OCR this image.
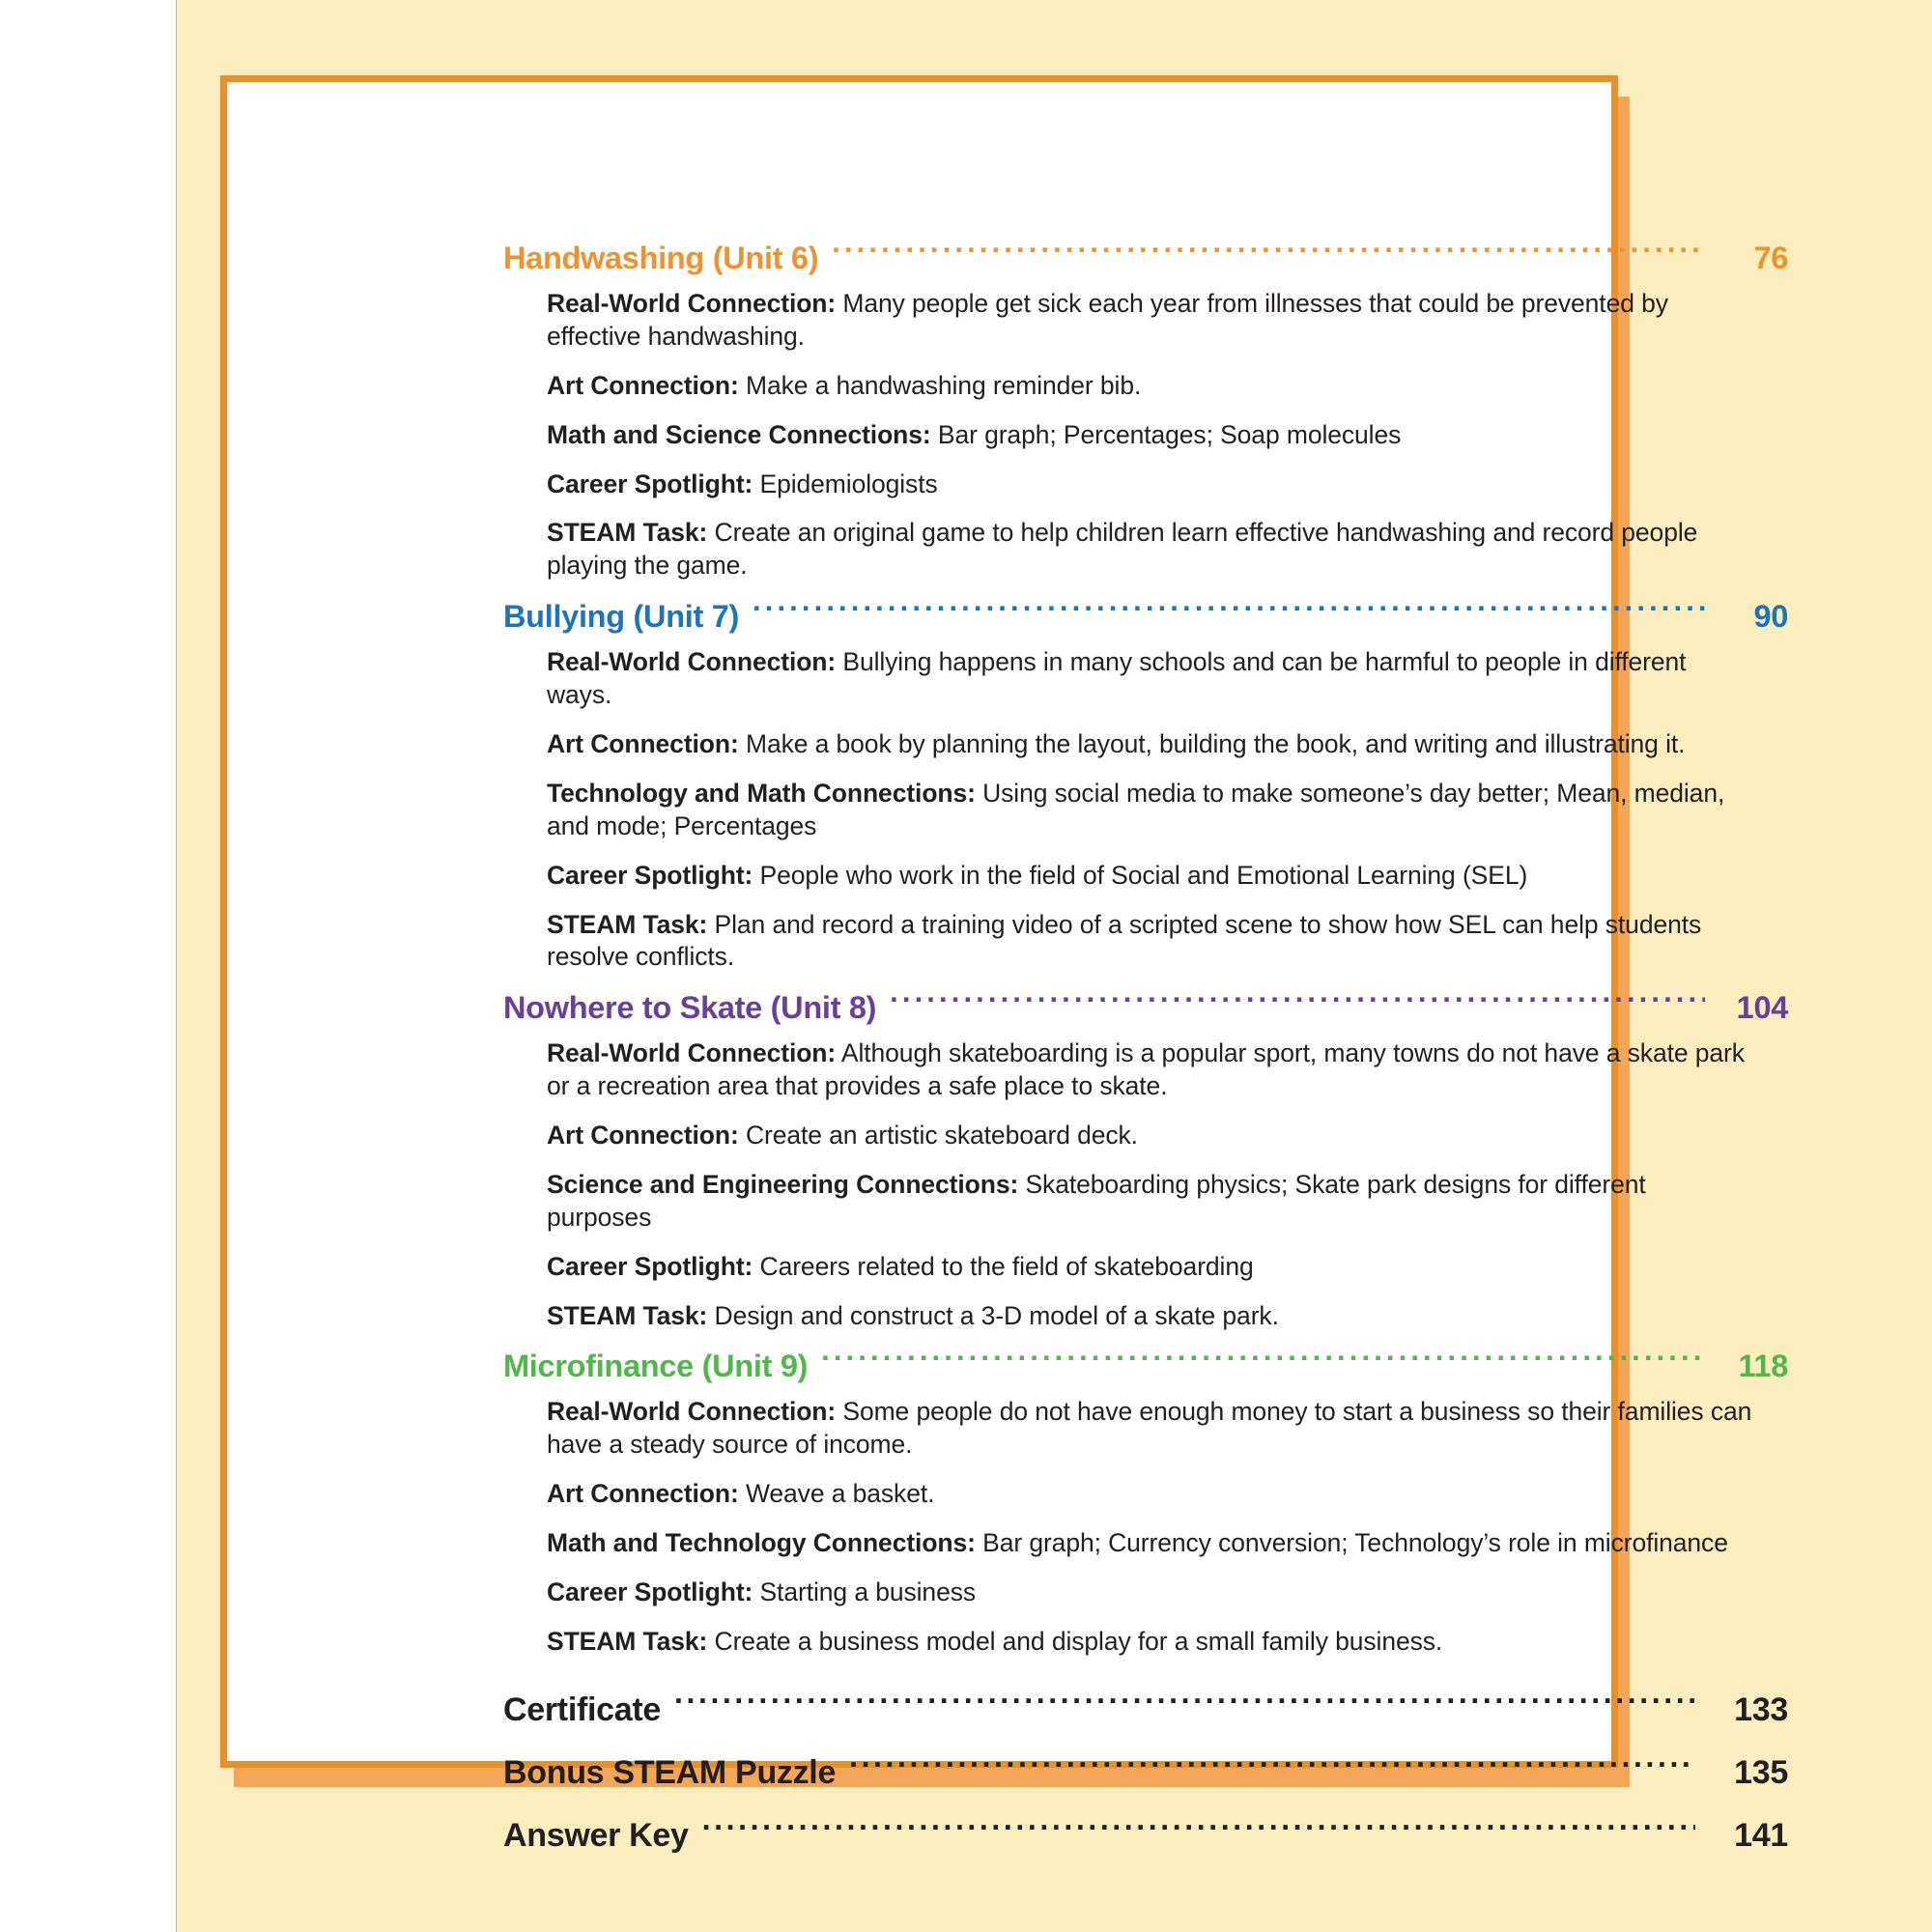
Handwashing (Unit 6) .....	76
Real-World Connection: Many people get sick each year from illnesses that could be prevented by effective handwashing.
Art Connection: Make a handwashing reminder bib.
Math and Science Connections: Bar graph; Percentages; Soap molecules
Career Spotlight: Epidemiologists
STEAM Task: Create an original game to help children learn effective handwashing and record people playing the game.
Bullying (Unit 7) .....	90
Real-World Connection: Bullying happens in many schools and can be harmful to people in different ways.
Art Connection: Make a book by planning the layout, building the book, and writing and illustrating it.
Technology and Math Connections: Using social media to make someone’s day better; Mean, median, and mode; Percentages
Career Spotlight: People who work in the field of Social and Emotional Learning (SEL)
STEAM Task: Plan and record a training video of a scripted scene to show how SEL can help students resolve conflicts.
Nowhere to Skate (Unit 8) .....	104
Real-World Connection: Although skateboarding is a popular sport, many towns do not have a skate park or a recreation area that provides a safe place to skate.
Art Connection: Create an artistic skateboard deck.
Science and Engineering Connections: Skateboarding physics; Skate park designs for different purposes
Career Spotlight: Careers related to the field of skateboarding
STEAM Task: Design and construct a 3-D model of a skate park.
Microfinance (Unit 9) .....	118
Real-World Connection: Some people do not have enough money to start a business so their families can have a steady source of income.
Art Connection: Weave a basket.
Math and Technology Connections: Bar graph; Currency conversion; Technology’s role in microfinance
Career Spotlight: Starting a business
STEAM Task: Create a business model and display for a small family business.
Certificate .....	133
Bonus STEAM Puzzle .....	135
Answer Key .....	141
